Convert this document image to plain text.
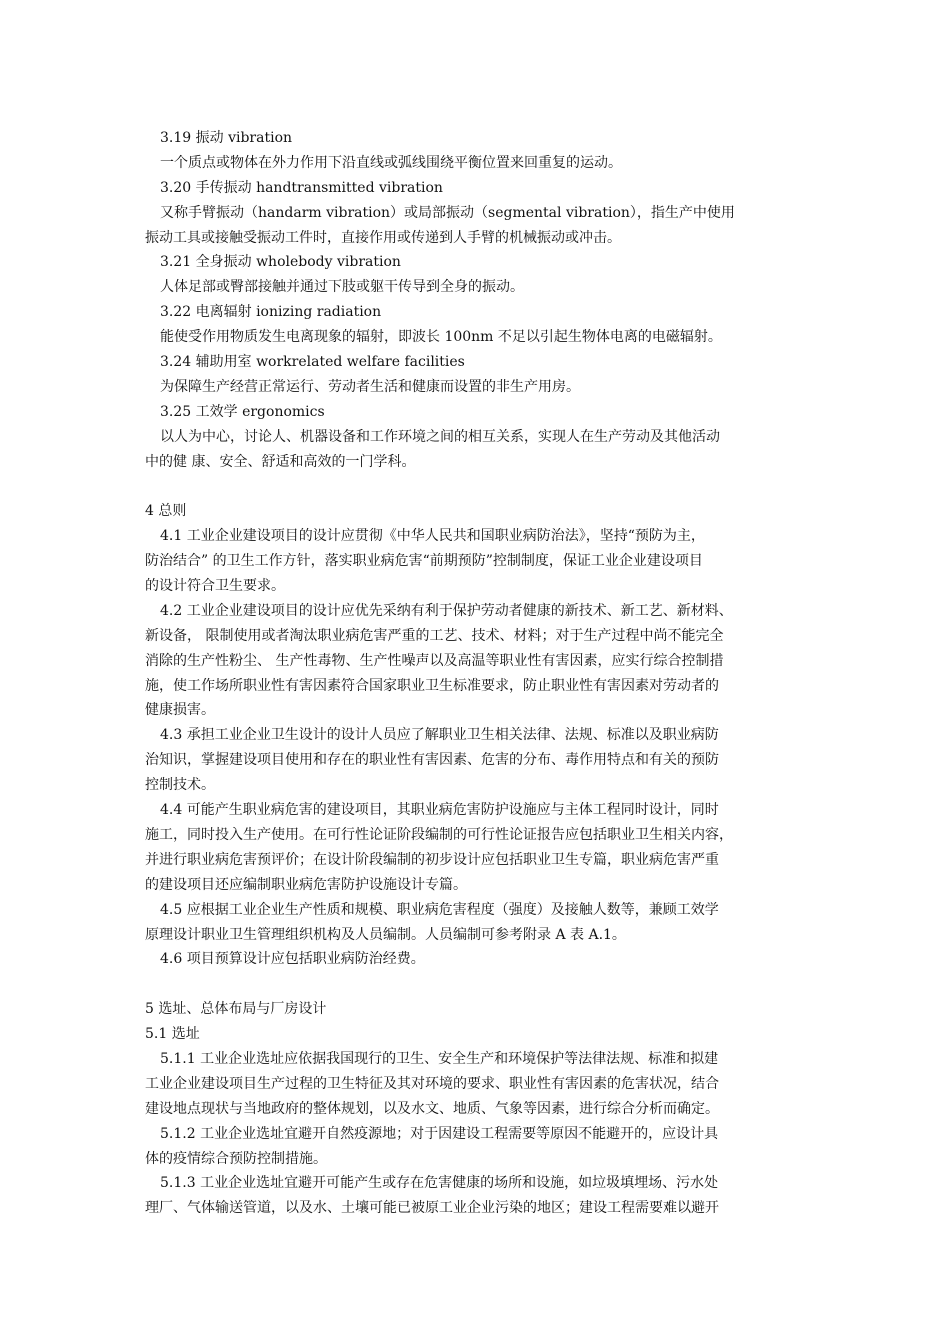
3.19 振动 vibration
一个质点或物体在外力作用下沿直线或弧线围绕平衡位置来回重复的运动。
3.20 手传振动 handtransmitted vibration
又称手臂振动（handarm vibration）或局部振动（segmental vibration），指生产中使用
振动工具或接触受振动工件时，直接作用或传递到人手臂的机械振动或冲击。
3.21 全身振动 wholebody vibration
人体足部或臀部接触并通过下肢或躯干传导到全身的振动。
3.22 电离辐射 ionizing radiation
能使受作用物质发生电离现象的辐射，即波长 100nm 不足以引起生物体电离的电磁辐射。
3.24 辅助用室 workrelated welfare facilities
为保障生产经营正常运行、劳动者生活和健康而设置的非生产用房。
3.25 工效学 ergonomics
以人为中心，讨论人、机器设备和工作环境之间的相互关系，实现人在生产劳动及其他活动
中的健 康、安全、舒适和高效的一门学科。
4 总则
4.1 工业企业建设项目的设计应贯彻《中华人民共和国职业病防治法》，坚持“预防为主，
防治结合” 的卫生工作方针，落实职业病危害“前期预防”控制制度，保证工业企业建设项目
的设计符合卫生要求。
4.2 工业企业建设项目的设计应优先采纳有利于保护劳动者健康的新技术、新工艺、新材料、
新设备， 限制使用或者淘汰职业病危害严重的工艺、技术、材料；对于生产过程中尚不能完全
消除的生产性粉尘、 生产性毒物、生产性噪声以及高温等职业性有害因素，应实行综合控制措
施，使工作场所职业性有害因素符合国家职业卫生标准要求，防止职业性有害因素对劳动者的
健康损害。
4.3 承担工业企业卫生设计的设计人员应了解职业卫生相关法律、法规、标准以及职业病防
治知识，掌握建设项目使用和存在的职业性有害因素、危害的分布、毒作用特点和有关的预防
控制技术。
4.4 可能产生职业病危害的建设项目，其职业病危害防护设施应与主体工程同时设计，同时
施工，同时投入生产使用。在可行性论证阶段编制的可行性论证报告应包括职业卫生相关内容，
并进行职业病危害预评价；在设计阶段编制的初步设计应包括职业卫生专篇，职业病危害严重
的建设项目还应编制职业病危害防护设施设计专篇。
4.5 应根据工业企业生产性质和规模、职业病危害程度（强度）及接触人数等，兼顾工效学
原理设计职业卫生管理组织机构及人员编制。人员编制可参考附录 A 表 A.1。
4.6 项目预算设计应包括职业病防治经费。
5 选址、总体布局与厂房设计
5.1 选址
5.1.1 工业企业选址应依据我国现行的卫生、安全生产和环境保护等法律法规、标准和拟建
工业企业建设项目生产过程的卫生特征及其对环境的要求、职业性有害因素的危害状况，结合
建设地点现状与当地政府的整体规划，以及水文、地质、气象等因素，进行综合分析而确定。
5.1.2 工业企业选址宜避开自然疫源地；对于因建设工程需要等原因不能避开的，应设计具
体的疫情综合预防控制措施。
5.1.3 工业企业选址宜避开可能产生或存在危害健康的场所和设施，如垃圾填埋场、污水处
理厂、气体输送管道，以及水、土壤可能已被原工业企业污染的地区；建设工程需要难以避开
